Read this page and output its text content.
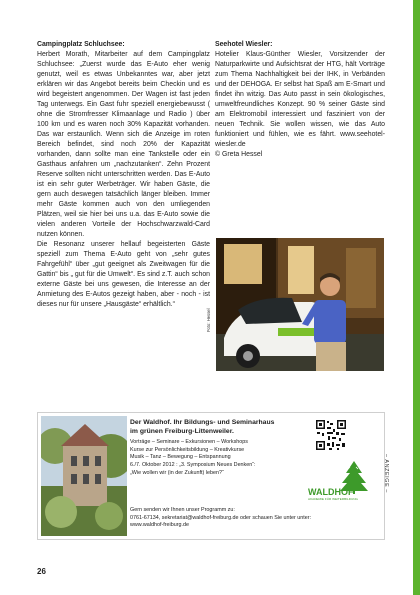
Campingplatz Schluchsee:

Herbert Morath, Mitarbeiter auf dem Campingplatz Schluchsee: „Zuerst wurde das E-Auto eher wenig genutzt, weil es etwas Unbekanntes war, aber jetzt erklären wir das Angebot bereits beim Checkin und es wird begeistert angenommen. Der Wagen ist fast jeden Tag unterwegs. Ein Gast fuhr speziell energiebewusst ( ohne die Stromfresser Klimaanlage und Radio ) über 100 km und es waren noch 30% Kapazität vorhanden. Das war erstaunlich. Wenn sich die Anzeige im roten Bereich befindet, sind noch 20% der Kapazität vorhanden, dann sollte man eine Tankstelle oder ein Gasthaus anfahren um „nachzutanken“. Zehn Prozent Reserve sollten nicht unterschritten werden. Das E-Auto ist ein sehr guter Werbeträger. Wir haben Gäste, die gern auch deswegen tatsächlich länger bleiben. Immer mehr Gäste kommen auch von den umliegenden Plätzen, weil sie hier bei uns u.a. das E-Auto sowie die vielen anderen Vorteile der Hochschwarzwald-Card nutzen können.

Die Resonanz unserer hellauf begeisterten Gäste speziell zum Thema E-Auto geht von „sehr gutes Fahrgefühl“ über „gut geeignet als Zweitwagen für die Gattin“ bis „ gut für die Umwelt“. Es sind z.T. auch schon externe Gäste bei uns gewesen, die Interesse an der Anmietung des E-Autos gezeigt haben, aber - noch - ist dieses nur für unsere „Hausgäste“ erhältlich.“

Seehotel Wiesler:

Hotelier Klaus-Günther Wiesler, Vorsitzender der Naturparkwirte und Aufsichtsrat der HTG, hält Vorträge zum Thema Nachhaltigkeit bei der IHK, in Verbänden und der DEHOGA. Er selbst hat Spaß am E-Smart und findet ihn witzig. Das Auto passt in sein ökologisches, umweltfreundliches Konzept. 90 % seiner Gäste sind am Elektromobil interessiert und fasziniert von der neuen Technik. Sie wollen wissen, wie das Auto funktioniert und fühlen, wie es fährt. www.seehotel-wiesler.de

© Greta Hessel

Foto: Hessel

Der Waldhof. Ihr Bildungs- und Seminarhaus

im grünen Freiburg-Littenweiler.

Vorträge – Seminare – Exkursionen – Workshops

Kurse zur Persönlichkeitsbildung – Kreativkurse

Musik – Tanz – Bewegung – Entspannung

6./7. Oktober 2012 : „3. Symposium Neues Denken“:

„Wie wollen wir (in der Zukunft) leben?“

Gern senden wir Ihnen unser Programm zu:

0761-67134, sekretariat@waldhof-freiburg.de oder schauen Sie unter unter:

www.waldhof-freiburg.de

WALDHOF
AKADEMIE FÜR WEITERBILDUNG
– ANZEIGE –
26
